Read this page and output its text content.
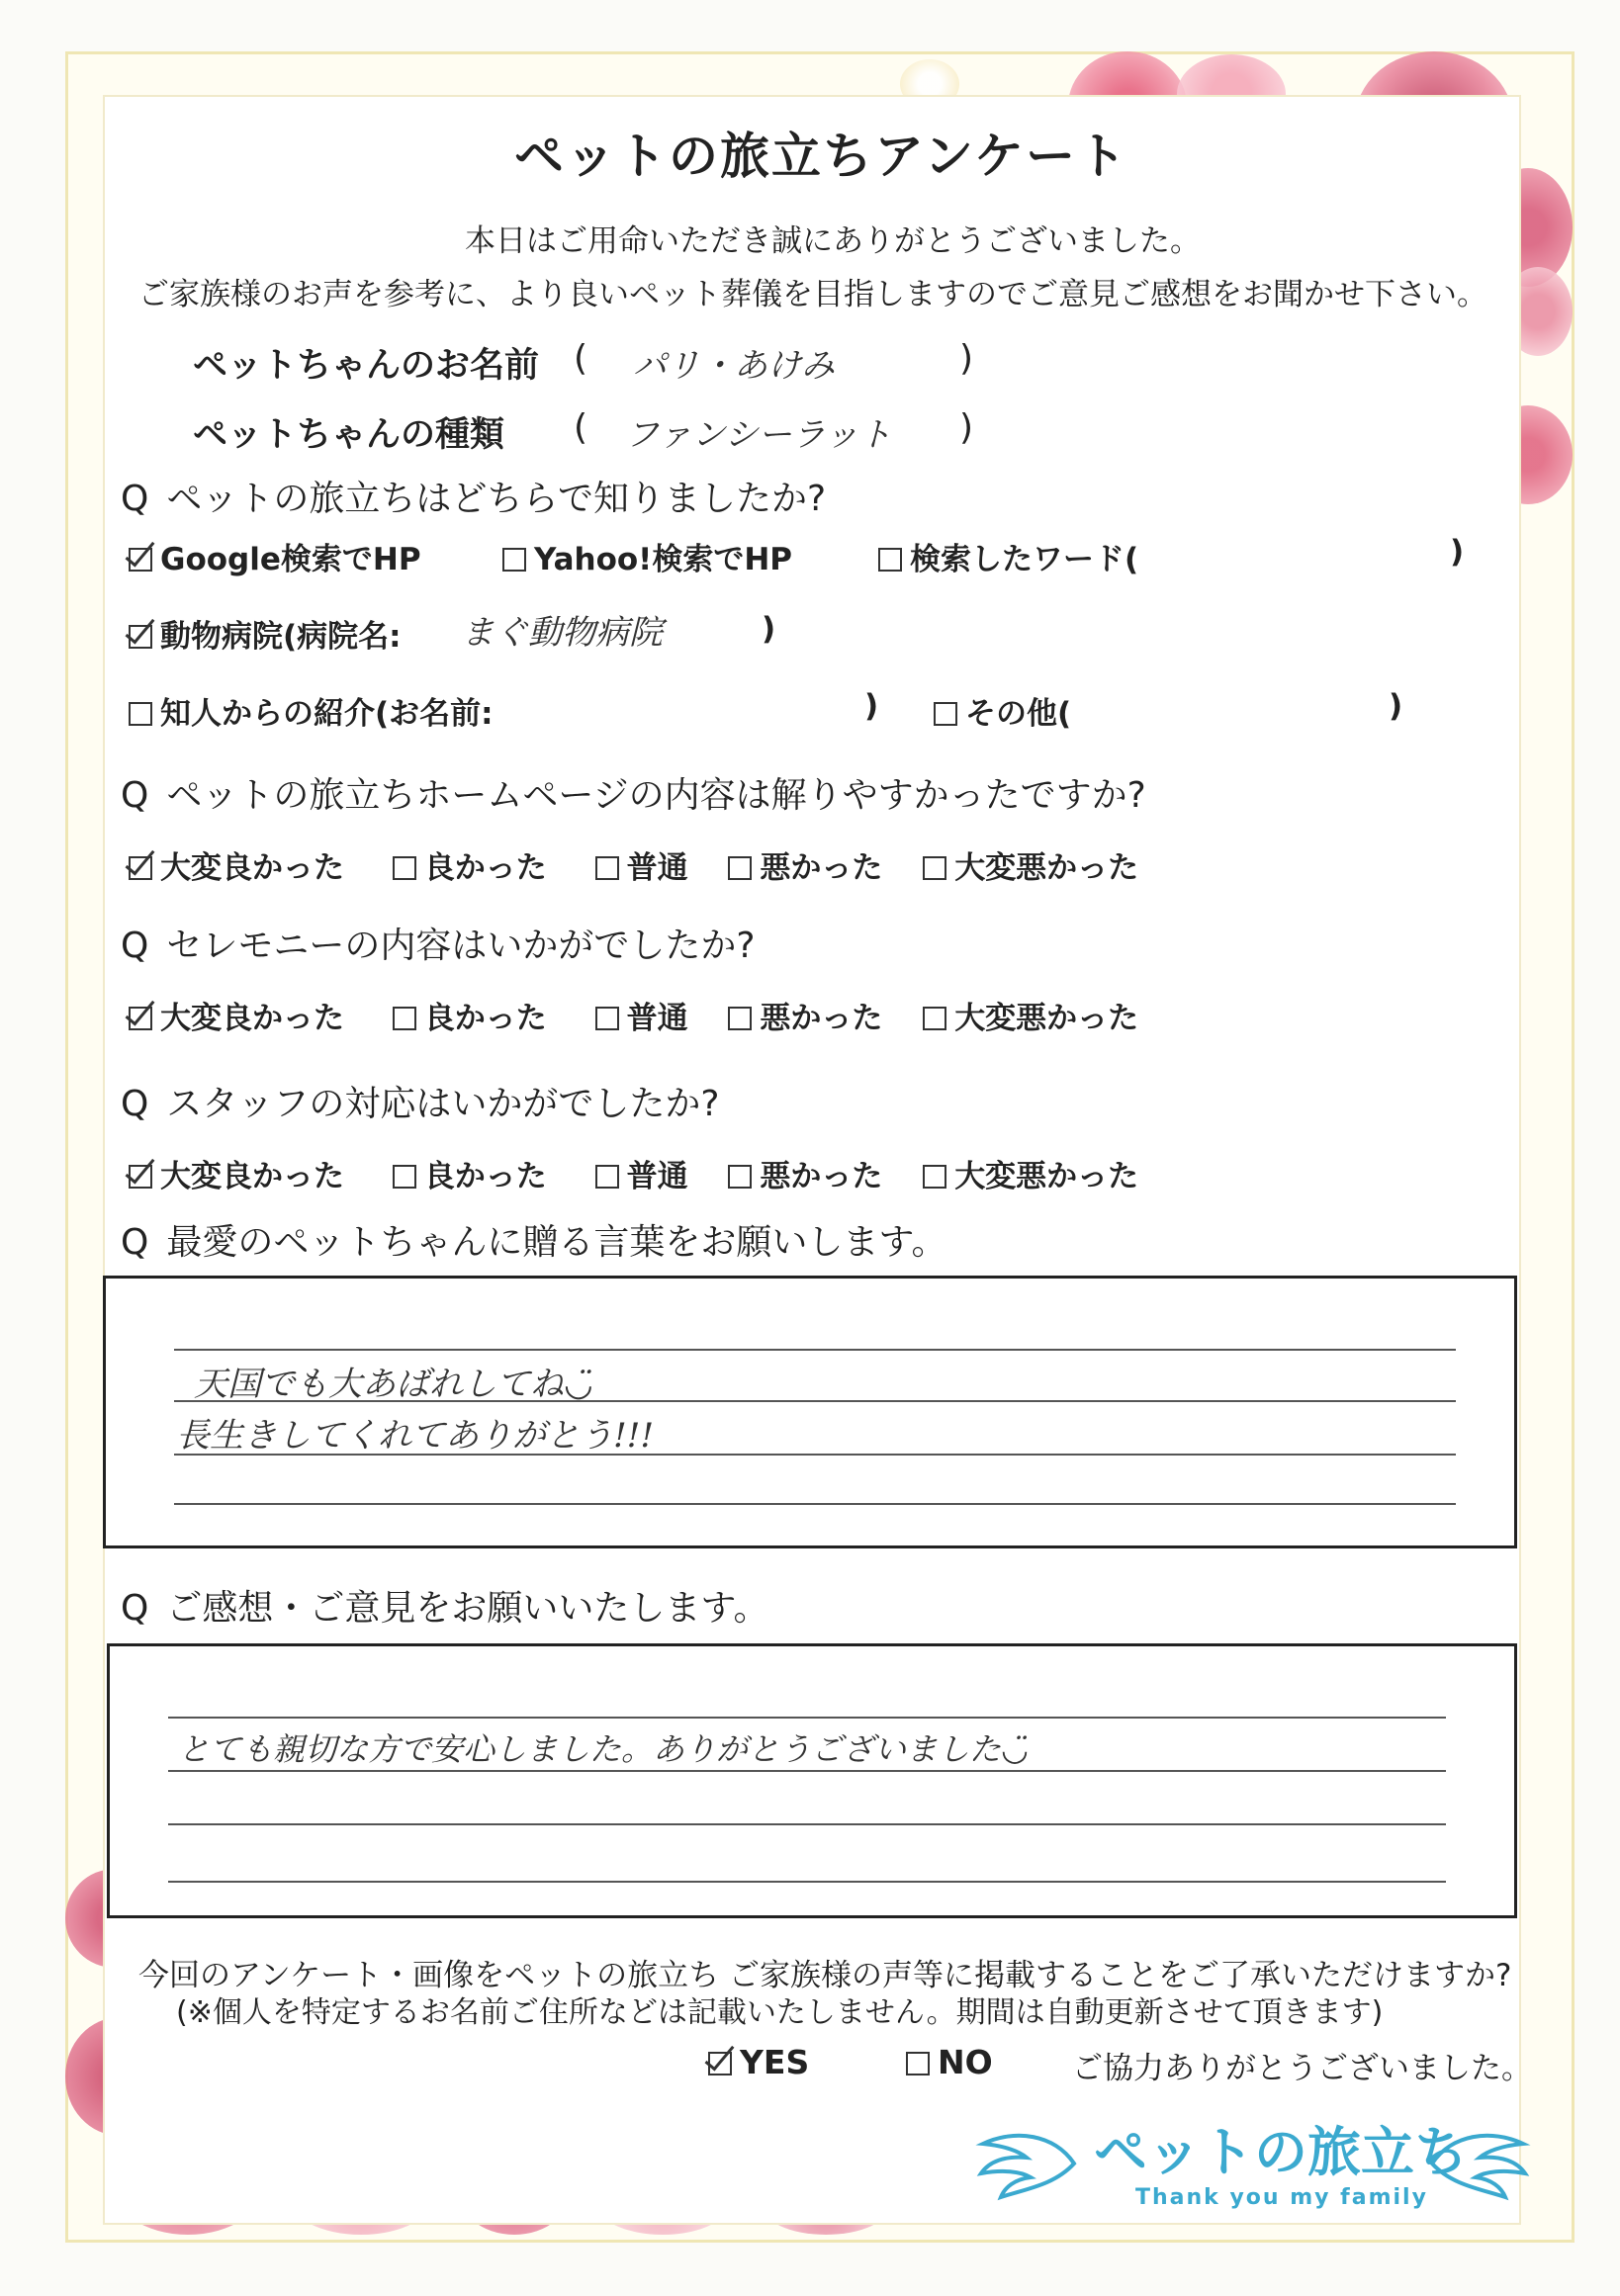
ペットの旅立ちアンケート
本日はご用命いただき誠にありがとうございました。
ご家族様のお声を参考に、より良いペット葬儀を目指しますのでご意見ご感想をお聞かせ下さい。
ペットちゃんのお名前 ( パリ・あけみ	)
ペットちゃんの種類 ( ファンシーラット )
Q ペットの旅立ちはどちらで知りましたか?
Google検索でHP	Yahoo!検索でHP	検索したワード(	)
動物病院(病院名: まぐ動物病院	)
知人からの紹介(お名前:	)	その他(	)
Q ペットの旅立ちホームページの内容は解りやすかったですか?
大変良かった	良かった	普通 悪かった 大変悪かった
Q セレモニーの内容はいかがでしたか?
大変良かった	良かった	普通 悪かった 大変悪かった
Q スタッフの対応はいかがでしたか?
大変良かった	良かった	普通 悪かった 大変悪かった
Q 最愛のペットちゃんに贈る言葉をお願いします。
天国でも大あばれしてね◡̈
長生きしてくれてありがとう!!!
Q ご感想・ご意見をお願いいたします。
とても親切な方で安心しました。ありがとうございました◡̈
今回のアンケート・画像をペットの旅立ち ご家族様の声等に掲載することをご了承いただけますか?
(※個人を特定するお名前ご住所などは記載いたしません。期間は自動更新させて頂きます)
YES	NO	ご協力ありがとうございました。
ペットの旅立ち
Thank you my family
